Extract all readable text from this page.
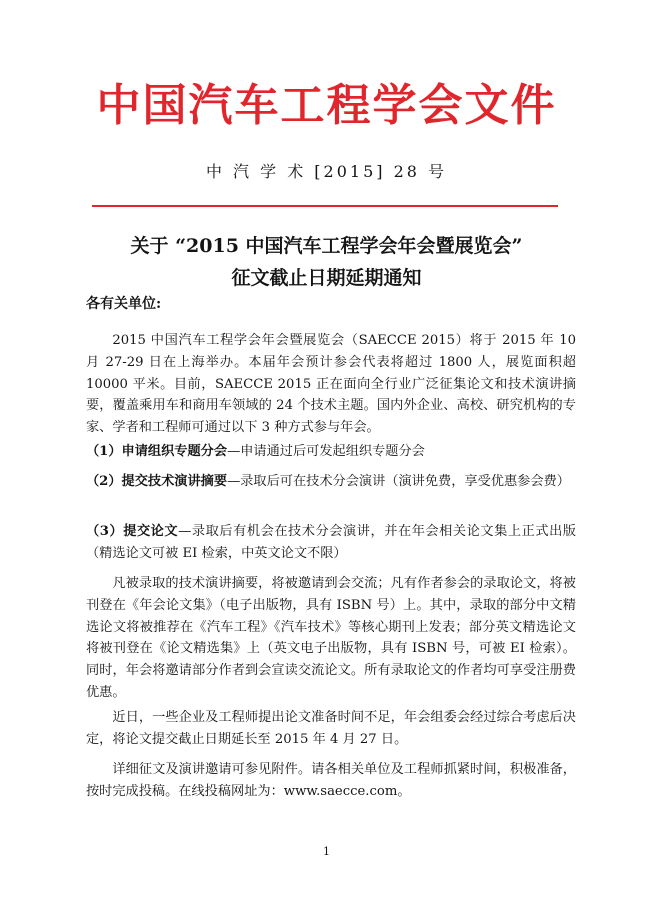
中国汽车工程学会文件
中 汽 学 术 [2015] 28 号
关于 “2015 中国汽车工程学会年会暨展览会”
征文截止日期延期通知
各有关单位:

2015 中国汽车工程学会年会暨展览会（SAECCE 2015）将于 2015 年 10 月 27-29 日在上海举办。本届年会预计参会代表将超过 1800 人，展览面积超 10000 平米。目前，SAECCE 2015 正在面向全行业广泛征集论文和技术演讲摘要，覆盖乘用车和商用车领域的 24 个技术主题。国内外企业、高校、研究机构的专家、学者和工程师可通过以下 3 种方式参与年会。

（1）申请组织专题分会—申请通过后可发起组织专题分会

（2）提交技术演讲摘要—录取后可在技术分会演讲（演讲免费，享受优惠参会费）

（3）提交论文—录取后有机会在技术分会演讲，并在年会相关论文集上正式出版（精选论文可被 EI 检索，中英文论文不限）

凡被录取的技术演讲摘要，将被邀请到会交流；凡有作者参会的录取论文，将被刊登在《年会论文集》（电子出版物，具有 ISBN 号）上。其中，录取的部分中文精选论文将被推荐在《汽车工程》《汽车技术》等核心期刊上发表；部分英文精选论文将被刊登在《论文精选集》上（英文电子出版物，具有 ISBN 号，可被 EI 检索）。同时，年会将邀请部分作者到会宣读交流论文。所有录取论文的作者均可享受注册费优惠。

近日，一些企业及工程师提出论文准备时间不足，年会组委会经过综合考虑后决定，将论文提交截止日期延长至 2015 年 4 月 27 日。

详细征文及演讲邀请可参见附件。请各相关单位及工程师抓紧时间，积极准备，按时完成投稿。在线投稿网址为：www.saecce.com。

1
